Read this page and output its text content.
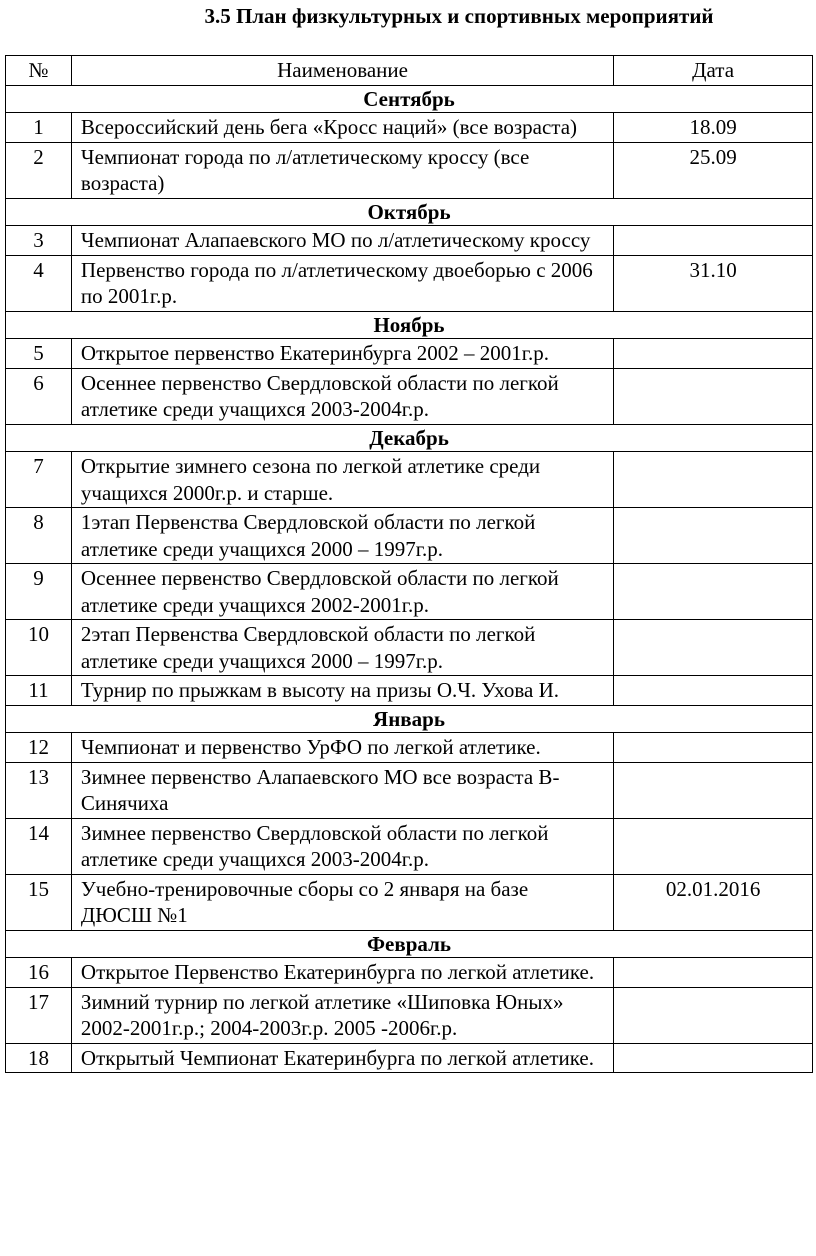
3.5 План физкультурных и спортивных мероприятий
№	Наименование	Дата
Сентябрь		
1	Всероссийский день бега «Кросс наций» (все возраста)	18.09
2	Чемпионат города по л/атлетическому кроссу (все возраста)	25.09
Октябрь		
3	Чемпионат Алапаевского МО по л/атлетическому кроссу	
4	Первенство города по л/атлетическому двоеборью с 2006 по 2001г.р.	31.10
Ноябрь		
5	Открытое первенство Екатеринбурга 2002 – 2001г.р.	
6	Осеннее первенство Свердловской области по легкой атлетике среди учащихся 2003-2004г.р.	
Декабрь		
7	Открытие зимнего сезона по легкой атлетике среди учащихся 2000г.р. и старше.	
8	1этап Первенства Свердловской области по легкой атлетике среди учащихся 2000 – 1997г.р.	
9	Осеннее первенство Свердловской области по легкой атлетике среди учащихся 2002-2001г.р.	
10	2этап Первенства Свердловской области по легкой атлетике среди учащихся 2000 – 1997г.р.	
11	Турнир по прыжкам в высоту на призы О.Ч. Ухова И.	
Январь		
12	Чемпионат и первенство УрФО по легкой атлетике.	
13	Зимнее первенство Алапаевского МО все возраста В-Синячиха	
14	Зимнее первенство Свердловской области по легкой атлетике среди учащихся 2003-2004г.р.	
15	Учебно-тренировочные сборы со 2 января на базе ДЮСШ №1	02.01.2016
Февраль		
16	Открытое Первенство Екатеринбурга по легкой атлетике.	
17	Зимний турнир по легкой атлетике «Шиповка Юных»
2002-2001г.р.; 2004-2003г.р. 2005 -2006г.р.	

18	Открытый Чемпионат Екатеринбурга по легкой атлетике.	
